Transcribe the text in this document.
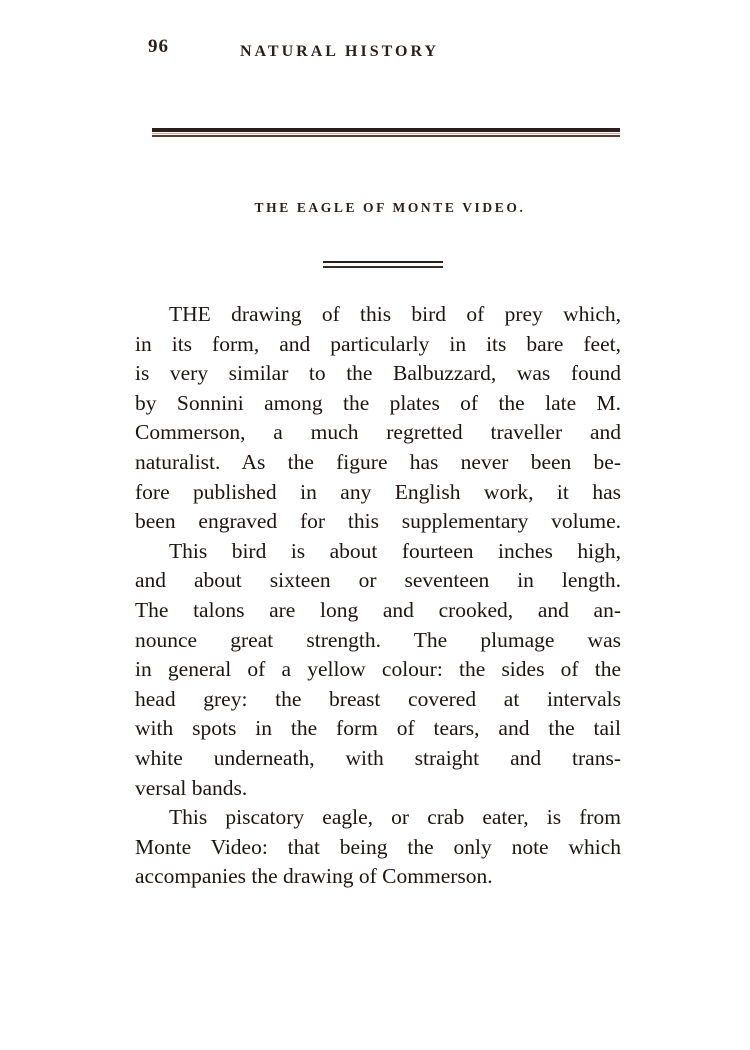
96	NATURAL HISTORY
THE EAGLE OF MONTE VIDEO.

THE drawing of this bird of prey which,
in its form, and particularly in its bare feet,
is very similar to the Balbuzzard, was found
by Sonnini among the plates of the late M.
Commerson, a much regretted traveller and
naturalist. As the figure has never been be-
fore published in any English work, it has
been engraved for this supplementary volume.

This bird is about fourteen inches high,
and about sixteen or seventeen in length.
The talons are long and crooked, and an-
nounce great strength. The plumage was
in general of a yellow colour: the sides of the
head grey: the breast covered at intervals
with spots in the form of tears, and the tail
white underneath, with straight and trans-
versal bands.

This piscatory eagle, or crab eater, is from
Monte Video: that being the only note which
accompanies the drawing of Commerson.
